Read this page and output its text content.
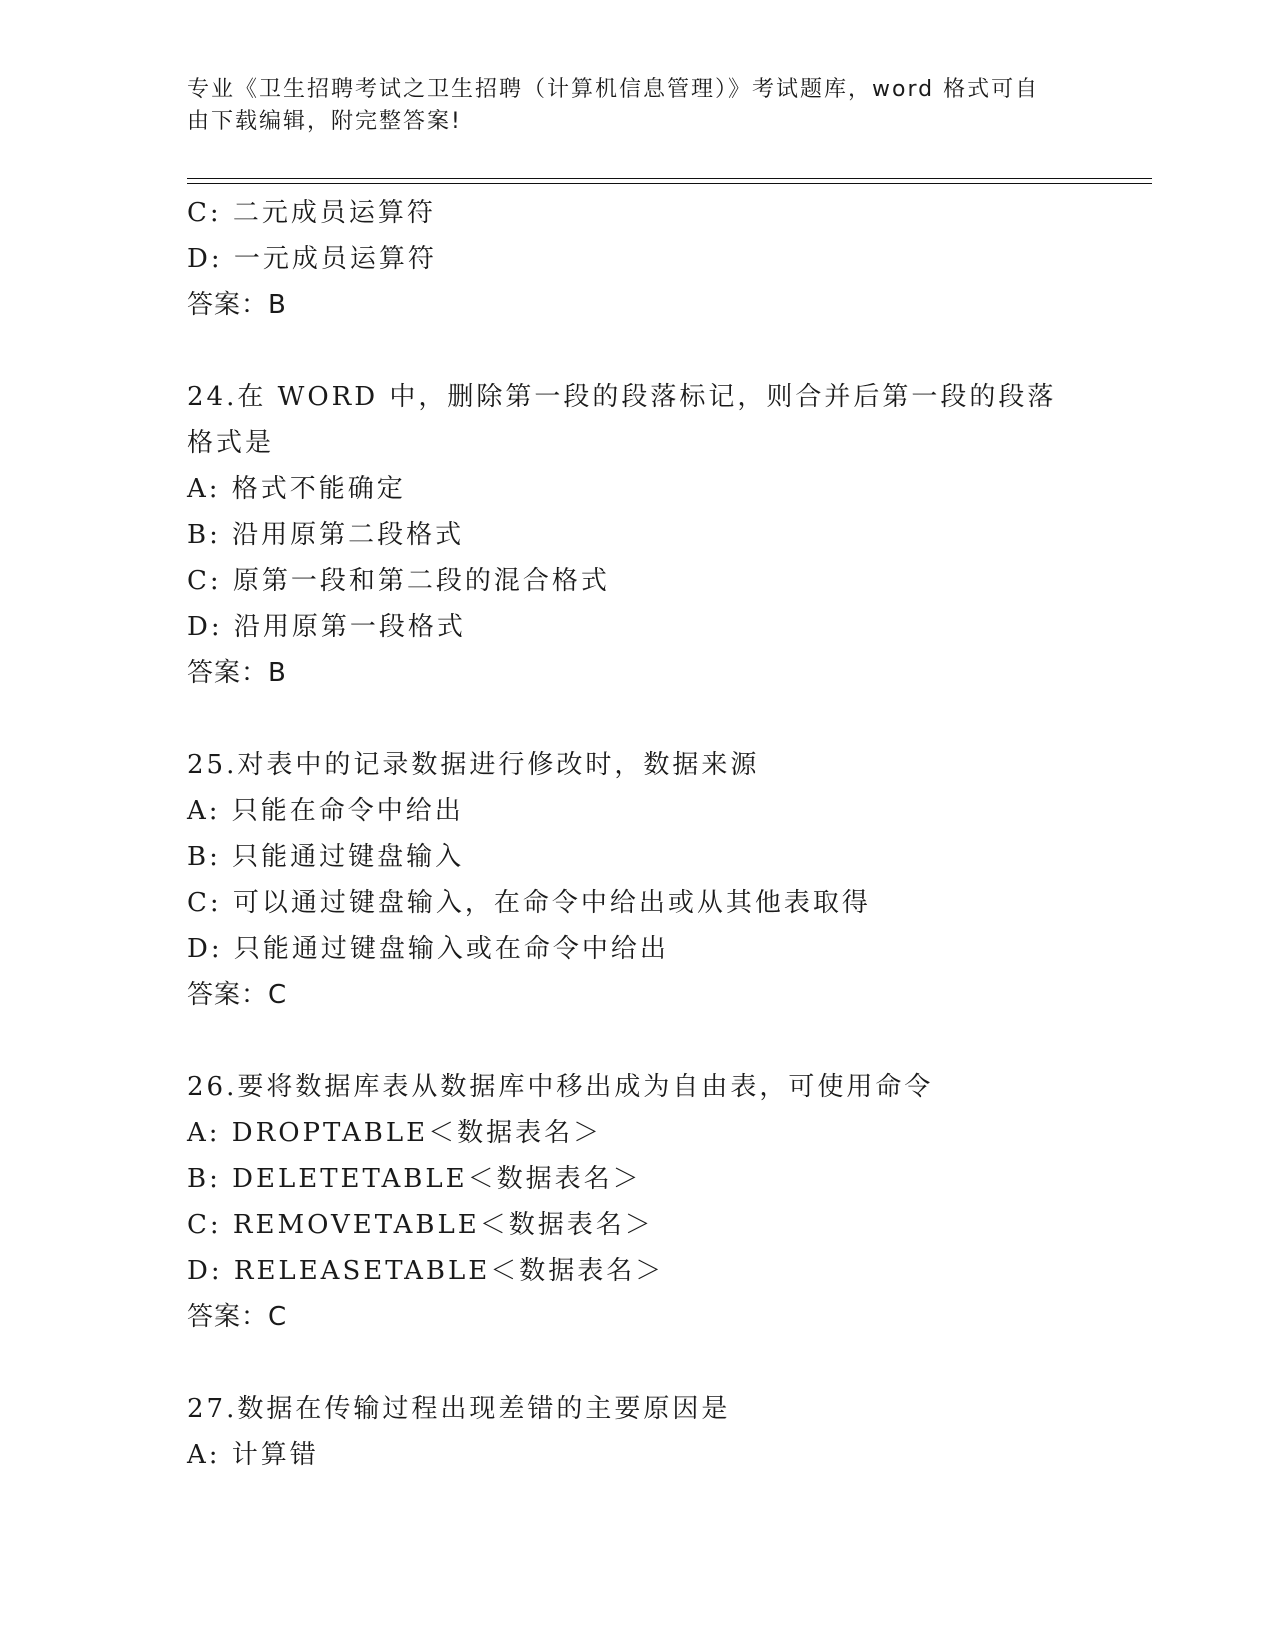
专业《卫生招聘考试之卫生招聘（计算机信息管理）》考试题库，word 格式可自
由下载编辑，附完整答案!
C: 二元成员运算符
D: 一元成员运算符
答案：B
24.在 WORD 中，删除第一段的段落标记，则合并后第一段的段落格式是
A: 格式不能确定
B: 沿用原第二段格式
C: 原第一段和第二段的混合格式
D: 沿用原第一段格式
答案：B
25.对表中的记录数据进行修改时，数据来源
A: 只能在命令中给出
B: 只能通过键盘输入
C: 可以通过键盘输入，在命令中给出或从其他表取得
D: 只能通过键盘输入或在命令中给出
答案：C
26.要将数据库表从数据库中移出成为自由表，可使用命令
A: DROPTABLE＜数据表名＞
B: DELETETABLE＜数据表名＞
C: REMOVETABLE＜数据表名＞
D: RELEASETABLE＜数据表名＞
答案：C
27.数据在传输过程出现差错的主要原因是
A: 计算错
